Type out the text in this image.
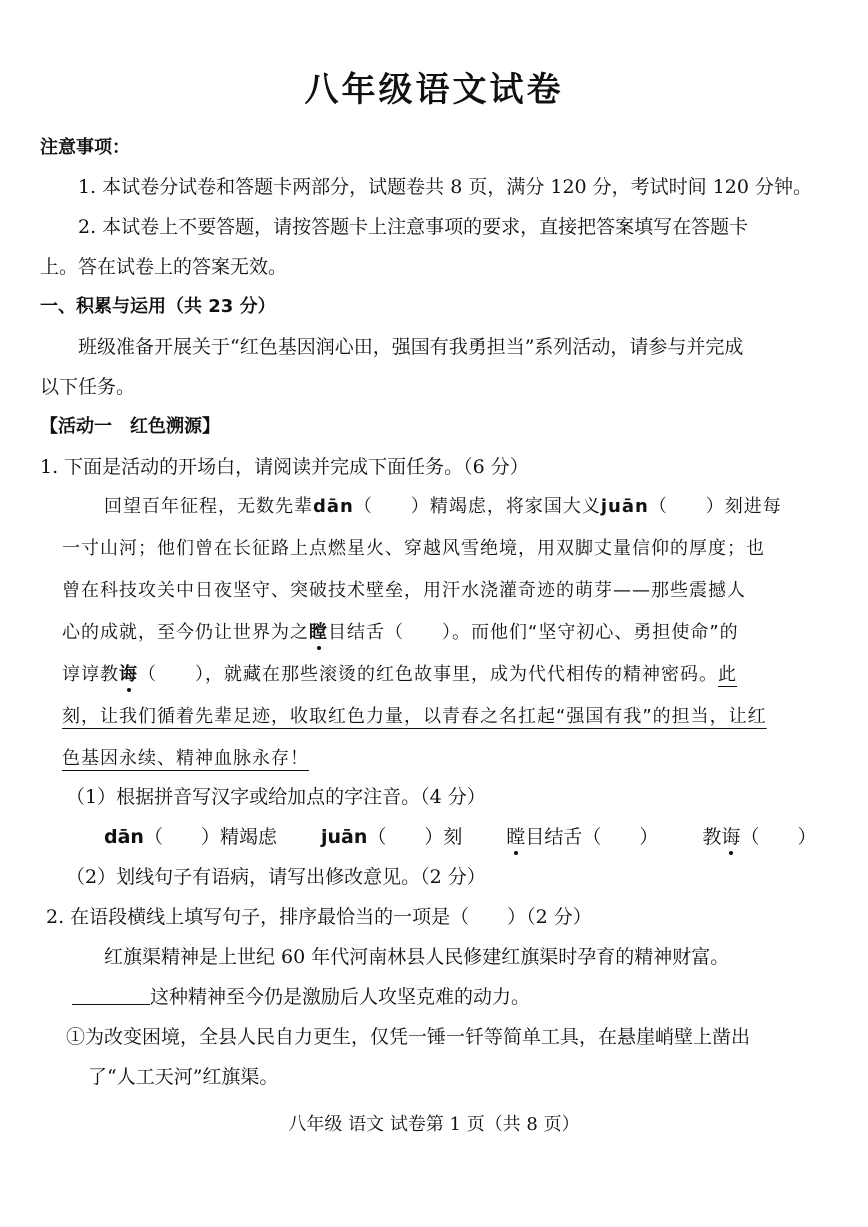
八年级语文试卷
注意事项：
1. 本试卷分试卷和答题卡两部分，试题卷共 8 页，满分 120 分，考试时间 120 分钟。
2. 本试卷上不要答题，请按答题卡上注意事项的要求，直接把答案填写在答题卡
上。答在试卷上的答案无效。
一、积累与运用（共 23 分）
班级准备开展关于“红色基因润心田，强国有我勇担当”系列活动，请参与并完成
以下任务。
【活动一　红色溯源】
1. 下面是活动的开场白，请阅读并完成下面任务。（6 分）
回望百年征程，无数先辈dān（　　）精竭虑，将家国大义juān（　　）刻进每
一寸山河；他们曾在长征路上点燃星火、穿越风雪绝境，用双脚丈量信仰的厚度；也
曾在科技攻关中日夜坚守、突破技术壁垒，用汗水浇灌奇迹的萌芽——那些震撼人
心的成就，至今仍让世界为之瞠目结舌（　　）。而他们“坚守初心、勇担使命”的
谆谆教诲（　　），就藏在那些滚烫的红色故事里，成为代代相传的精神密码。此
刻，让我们循着先辈足迹，收取红色力量，以青春之名扛起“强国有我”的担当，让红
色基因永续、精神血脉永存！
（1）根据拼音写汉字或给加点的字注音。（4 分）
dān（　　）精竭虑 juān（　　）刻 瞠目结舌（　　） 教诲（　　）
（2）划线句子有语病，请写出修改意见。（2 分）
2. 在语段横线上填写句子，排序最恰当的一项是（　　）（2 分）
红旗渠精神是上世纪 60 年代河南林县人民修建红旗渠时孕育的精神财富。
这种精神至今仍是激励后人攻坚克难的动力。
①为改变困境，全县人民自力更生，仅凭一锤一钎等简单工具，在悬崖峭壁上凿出
了“人工天河”红旗渠。
八年级 语文 试卷第 1 页（共 8 页）
